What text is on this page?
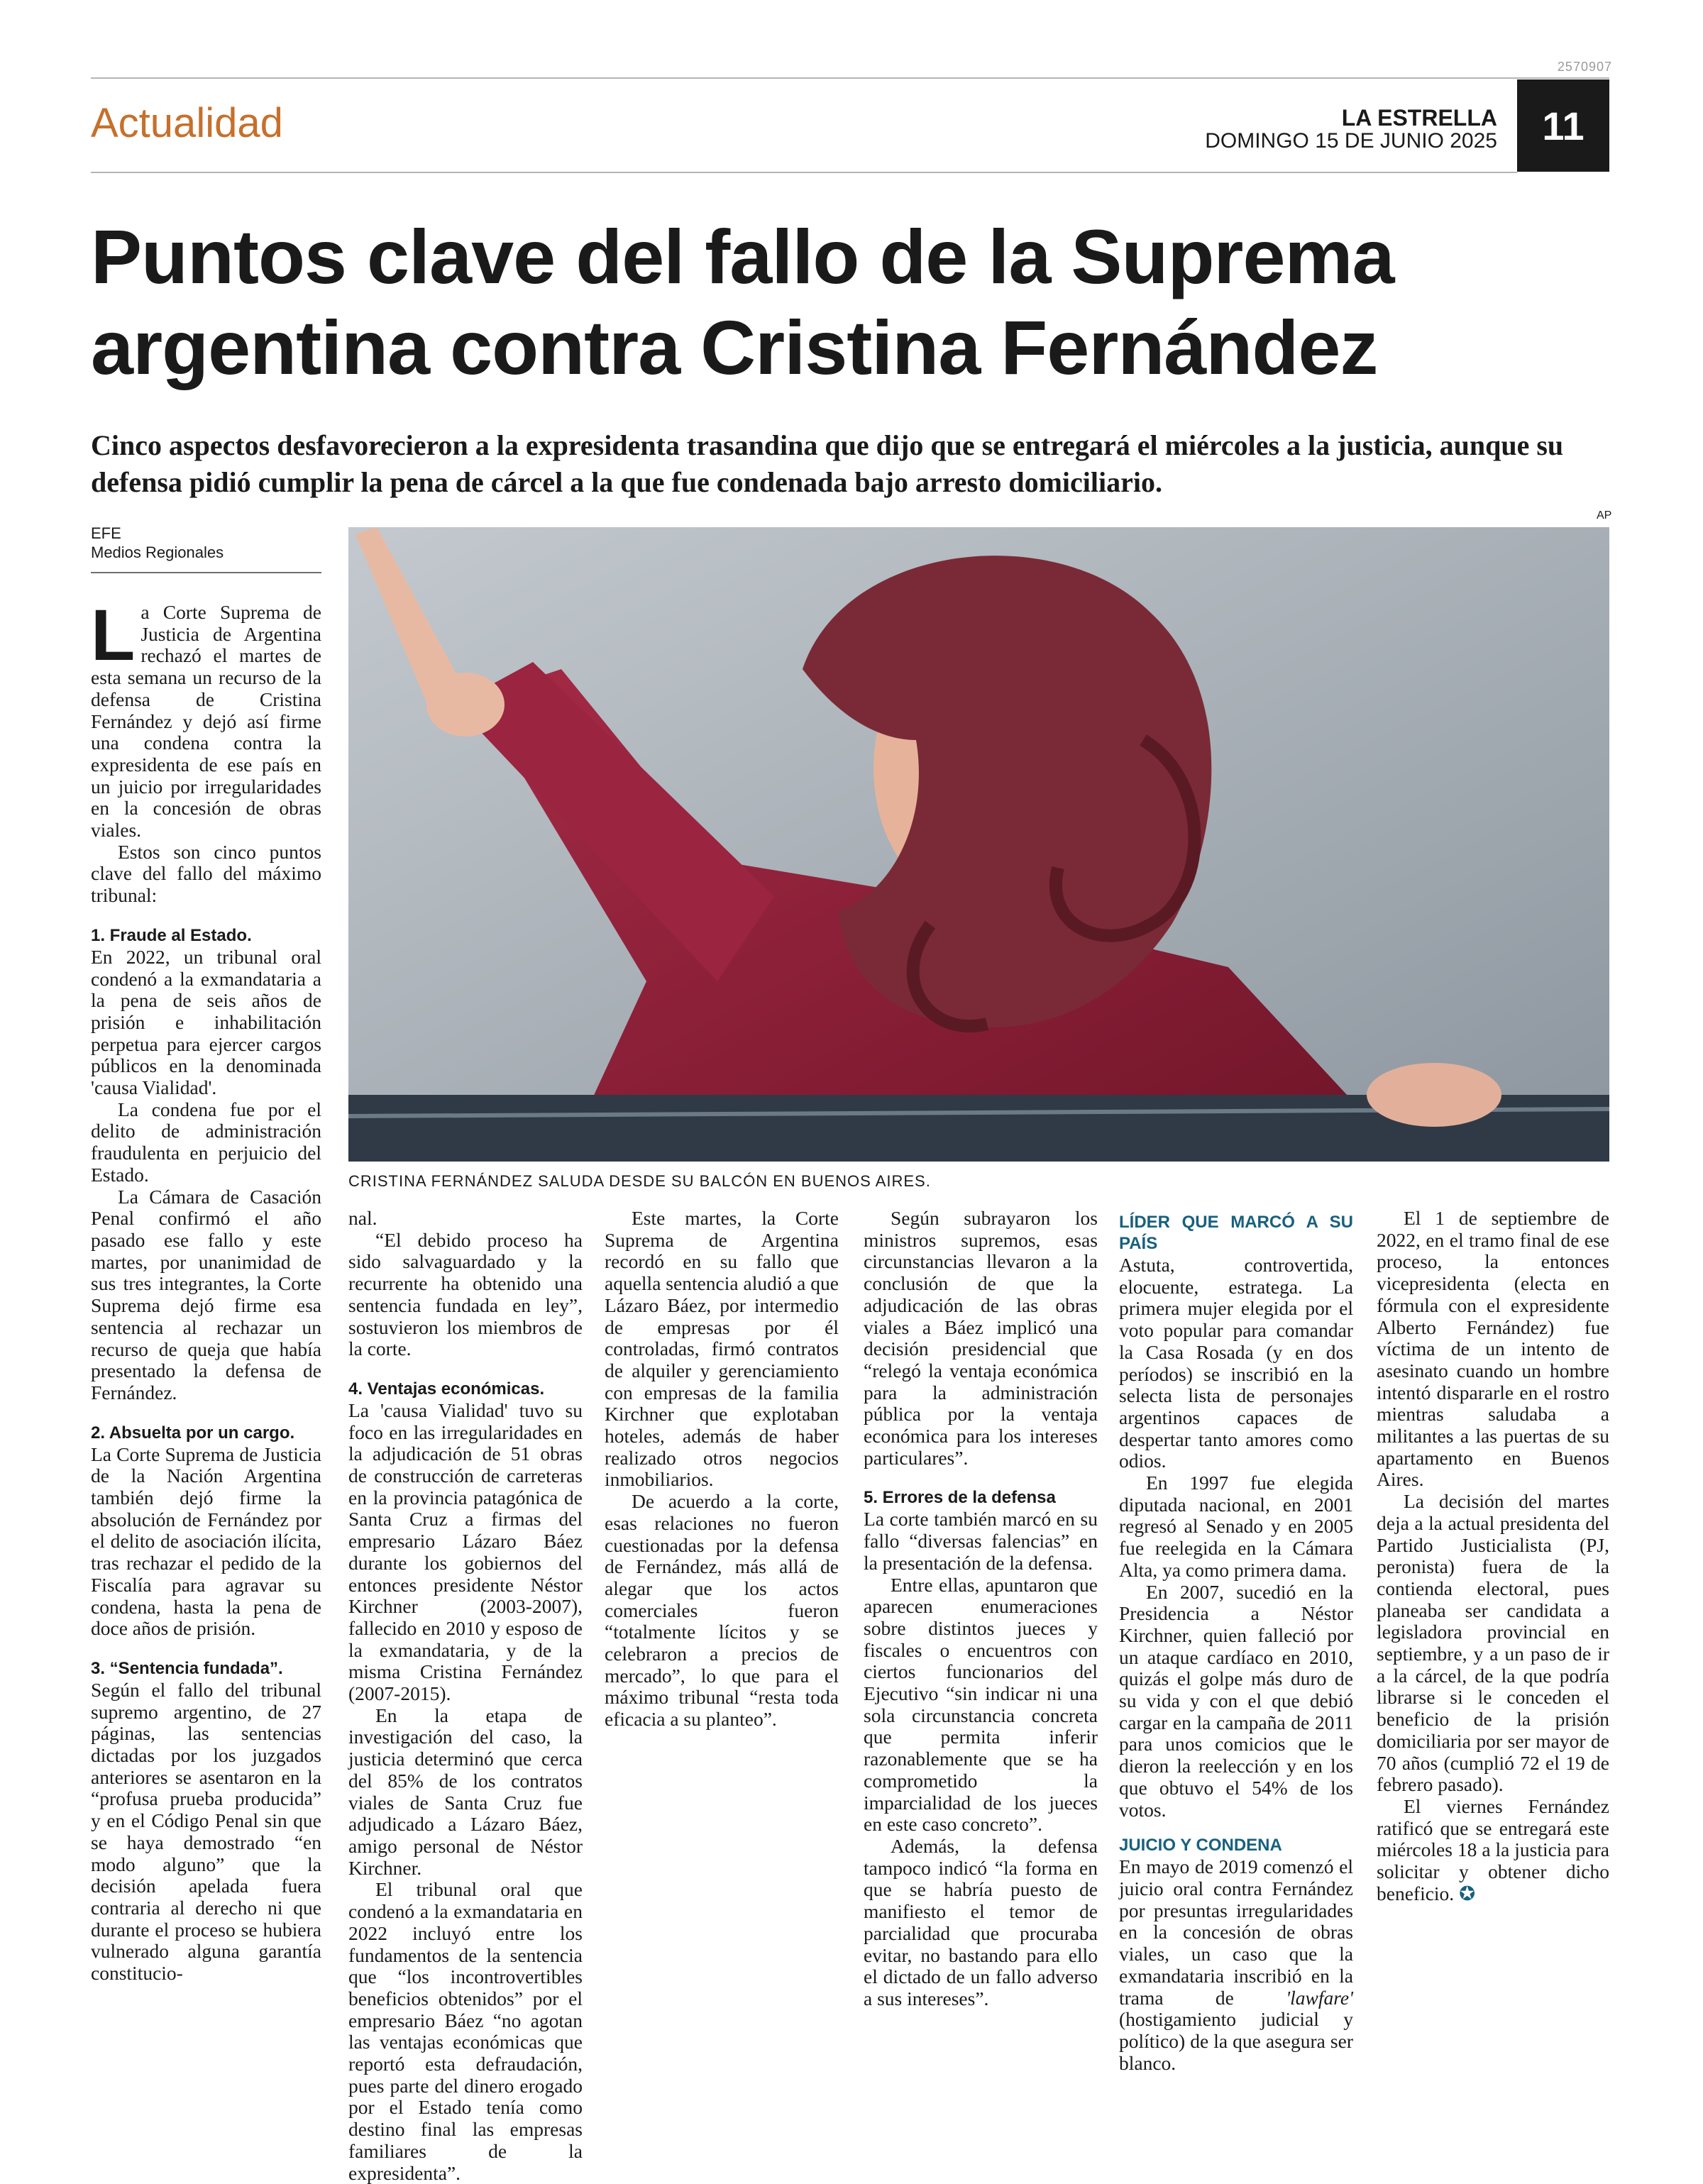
2570907
Actualidad	LA ESTRELLA
DOMINGO 15 DE JUNIO 2025	11
Puntos clave del fallo de la Suprema argentina contra Cristina Fernández
Cinco aspectos desfavorecieron a la expresidenta trasandina que dijo que se entregará el miércoles a la justicia, aunque su defensa pidió cumplir la pena de cárcel a la que fue condenada bajo arresto domiciliario.
EFE
Medios Regionales
AP
CRISTINA FERNÁNDEZ SALUDA DESDE SU BALCÓN EN BUENOS AIRES.

La Corte Suprema de Justicia de Argentina rechazó el martes de esta semana un recurso de la defensa de Cristina Fernández y dejó así firme una condena contra la expresidenta de ese país en un juicio por irregularidades en la concesión de obras viales.

Estos son cinco puntos clave del fallo del máximo tribunal:

1. Fraude al Estado.

En 2022, un tribunal oral condenó a la exmandataria a la pena de seis años de prisión e inhabilitación perpetua para ejercer cargos públicos en la denominada 'causa Vialidad'.

La condena fue por el delito de administración fraudulenta en perjuicio del Estado.

La Cámara de Casación Penal confirmó el año pasado ese fallo y este martes, por unanimidad de sus tres integrantes, la Corte Suprema dejó firme esa sentencia al rechazar un recurso de queja que había presentado la defensa de Fernández.

2. Absuelta por un cargo.

La Corte Suprema de Justicia de la Nación Argentina también dejó firme la absolución de Fernández por el delito de asociación ilícita, tras rechazar el pedido de la Fiscalía para agravar su condena, hasta la pena de doce años de prisión.

3. “Sentencia fundada”.

Según el fallo del tribunal supremo argentino, de 27 páginas, las sentencias dictadas por los juzgados anteriores se asentaron en la “profusa prueba producida” y en el Código Penal sin que se haya demostrado “en modo alguno” que la decisión apelada fuera contraria al derecho ni que durante el proceso se hubiera vulnerado alguna garantía constitucio-

nal.

“El debido proceso ha sido salvaguardado y la recurrente ha obtenido una sentencia fundada en ley”, sostuvieron los miembros de la corte.

4. Ventajas económicas.

La 'causa Vialidad' tuvo su foco en las irregularidades en la adjudicación de 51 obras de construcción de carreteras en la provincia patagónica de Santa Cruz a firmas del empresario Lázaro Báez durante los gobiernos del entonces presidente Néstor Kirchner (2003-2007), fallecido en 2010 y esposo de la exmandataria, y de la misma Cristina Fernández (2007-2015).

En la etapa de investigación del caso, la justicia determinó que cerca del 85% de los contratos viales de Santa Cruz fue adjudicado a Lázaro Báez, amigo personal de Néstor Kirchner.

El tribunal oral que condenó a la exmandataria en 2022 incluyó entre los fundamentos de la sentencia que “los incontrovertibles beneficios obtenidos” por el empresario Báez “no agotan las ventajas económicas que reportó esta defraudación, pues parte del dinero erogado por el Estado tenía como destino final las empresas familiares de la expresidenta”.

Este martes, la Corte Suprema de Argentina recordó en su fallo que aquella sentencia aludió a que Lázaro Báez, por intermedio de empresas por él controladas, firmó contratos de alquiler y gerenciamiento con empresas de la familia Kirchner que explotaban hoteles, además de haber realizado otros negocios inmobiliarios.

De acuerdo a la corte, esas relaciones no fueron cuestionadas por la defensa de Fernández, más allá de alegar que los actos comerciales fueron “totalmente lícitos y se celebraron a precios de mercado”, lo que para el máximo tribunal “resta toda eficacia a su planteo”.

Según subrayaron los ministros supremos, esas circunstancias llevaron a la conclusión de que la adjudicación de las obras viales a Báez implicó una decisión presidencial que “relegó la ventaja económica para la administración pública por la ventaja económica para los intereses particulares”.

5. Errores de la defensa

La corte también marcó en su fallo “diversas falencias” en la presentación de la defensa.

Entre ellas, apuntaron que aparecen enumeraciones sobre distintos jueces y fiscales o encuentros con ciertos funcionarios del Ejecutivo “sin indicar ni una sola circunstancia concreta que permita inferir razonablemente que se ha comprometido la imparcialidad de los jueces en este caso concreto”.

Además, la defensa tampoco indicó “la forma en que se habría puesto de manifiesto el temor de parcialidad que procuraba evitar, no bastando para ello el dictado de un fallo adverso a sus intereses”.

LÍDER QUE MARCÓ A SU PAÍS

Astuta, controvertida, elocuente, estratega. La primera mujer elegida por el voto popular para comandar la Casa Rosada (y en dos períodos) se inscribió en la selecta lista de personajes argentinos capaces de despertar tanto amores como odios.

En 1997 fue elegida diputada nacional, en 2001 regresó al Senado y en 2005 fue reelegida en la Cámara Alta, ya como primera dama.

En 2007, sucedió en la Presidencia a Néstor Kirchner, quien falleció por un ataque cardíaco en 2010, quizás el golpe más duro de su vida y con el que debió cargar en la campaña de 2011 para unos comicios que le dieron la reelección y en los que obtuvo el 54% de los votos.

JUICIO Y CONDENA

En mayo de 2019 comenzó el juicio oral contra Fernández por presuntas irregularidades en la concesión de obras viales, un caso que la exmandataria inscribió en la trama de 'lawfare' (hostigamiento judicial y político) de la que asegura ser blanco.

El 1 de septiembre de 2022, en el tramo final de ese proceso, la entonces vicepresidenta (electa en fórmula con el expresidente Alberto Fernández) fue víctima de un intento de asesinato cuando un hombre intentó dispararle en el rostro mientras saludaba a militantes a las puertas de su apartamento en Buenos Aires.

La decisión del martes deja a la actual presidenta del Partido Justicialista (PJ, peronista) fuera de la contienda electoral, pues planeaba ser candidata a legisladora provincial en septiembre, y a un paso de ir a la cárcel, de la que podría librarse si le conceden el beneficio de la prisión domiciliaria por ser mayor de 70 años (cumplió 72 el 19 de febrero pasado).

El viernes Fernández ratificó que se entregará este miércoles 18 a la justicia para solicitar y obtener dicho beneficio. ✪
